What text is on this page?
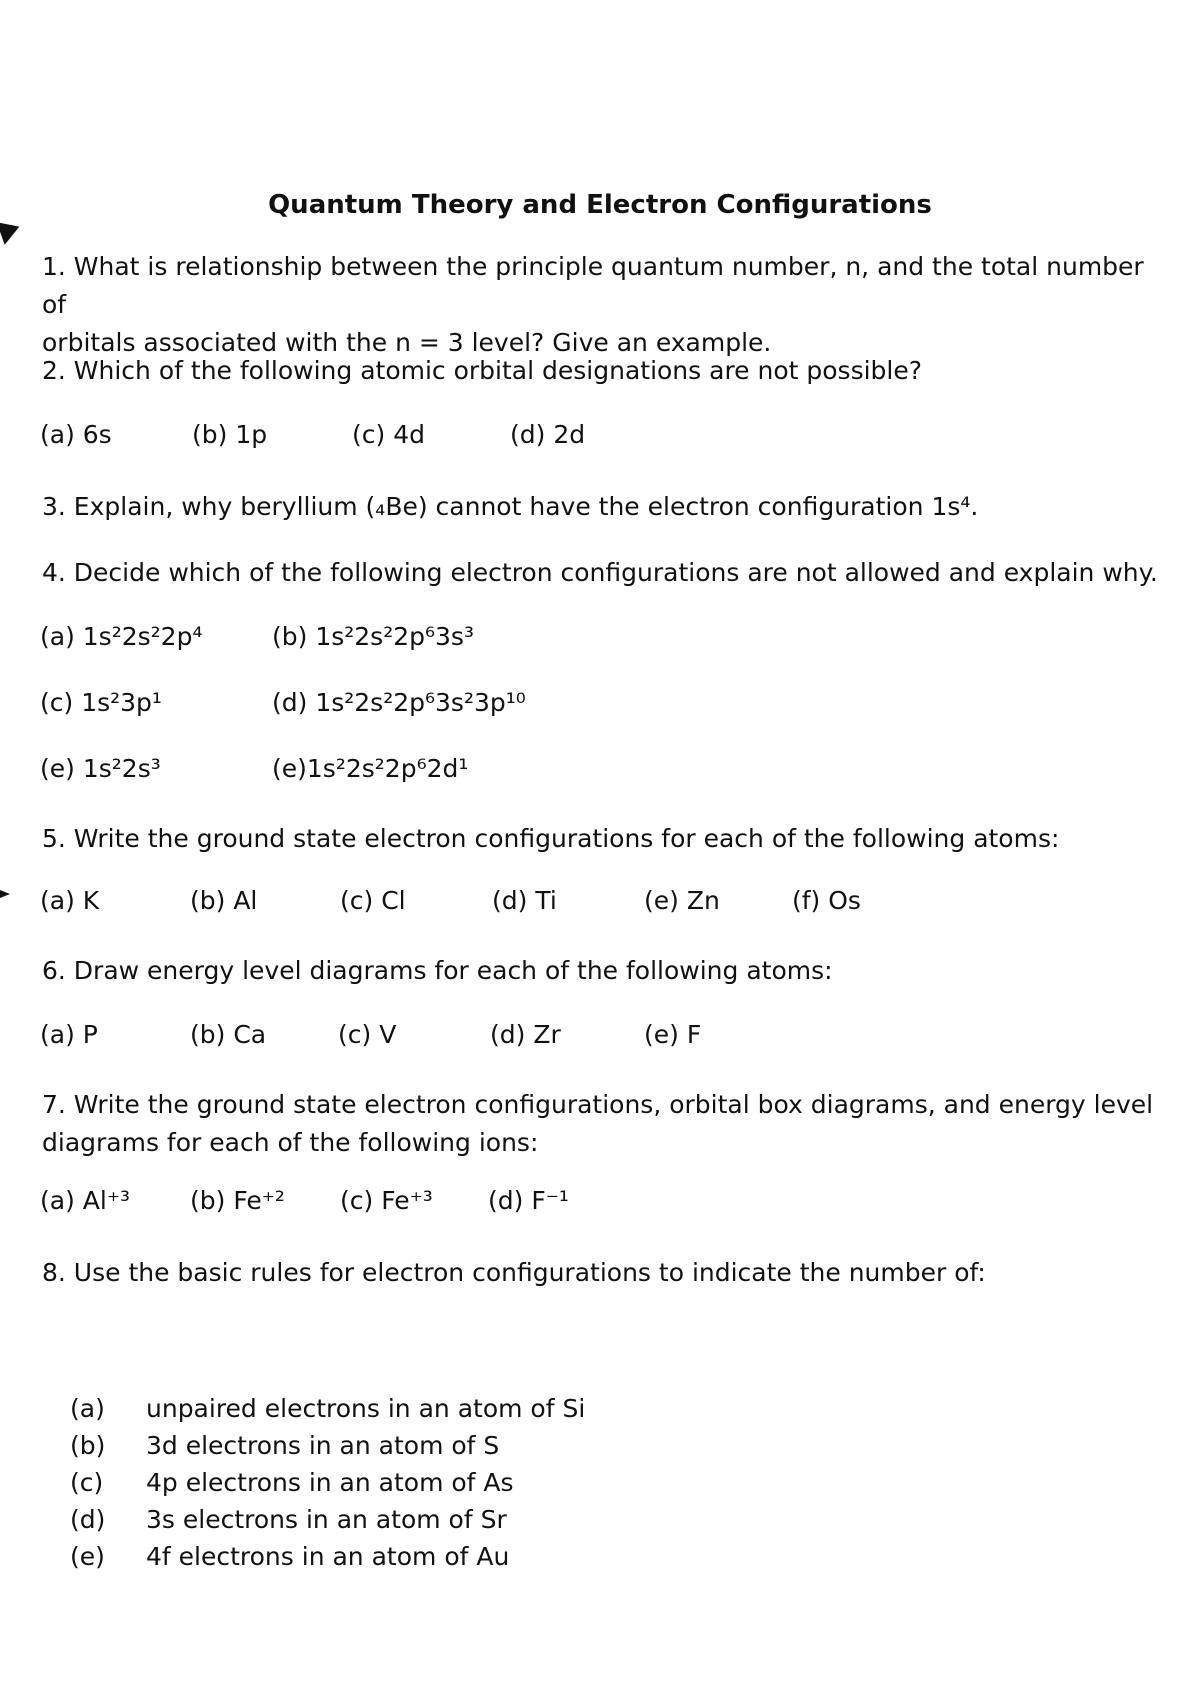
Quantum Theory and Electron Configurations
1. What is relationship between the principle quantum number, n, and the total number of
orbitals associated with the n = 3 level? Give an example.
2. Which of the following atomic orbital designations are not possible?
(a) 6s	(b) 1p	(c) 4d	(d) 2d
3. Explain, why beryllium (₄Be) cannot have the electron configuration 1s⁴.
4. Decide which of the following electron configurations are not allowed and explain why.
(a) 1s²2s²2p⁴	(b) 1s²2s²2p⁶3s³
(c) 1s²3p¹	(d) 1s²2s²2p⁶3s²3p¹⁰
(e) 1s²2s³	(e)1s²2s²2p⁶2d¹
5. Write the ground state electron configurations for each of the following atoms:
(a) K	(b) Al	(c) Cl	(d) Ti	(e) Zn	(f) Os
6. Draw energy level diagrams for each of the following atoms:
(a) P	(b) Ca	(c) V	(d) Zr	(e) F
7. Write the ground state electron configurations, orbital box diagrams, and energy level
diagrams for each of the following ions:
(a) Al⁺³ (b) Fe⁺² (c) Fe⁺³ (d) F⁻¹
8. Use the basic rules for electron configurations to indicate the number of:
(a) unpaired electrons in an atom of Si
(b) 3d electrons in an atom of S
(c) 4p electrons in an atom of As
(d) 3s electrons in an atom of Sr
(e) 4f electrons in an atom of Au
